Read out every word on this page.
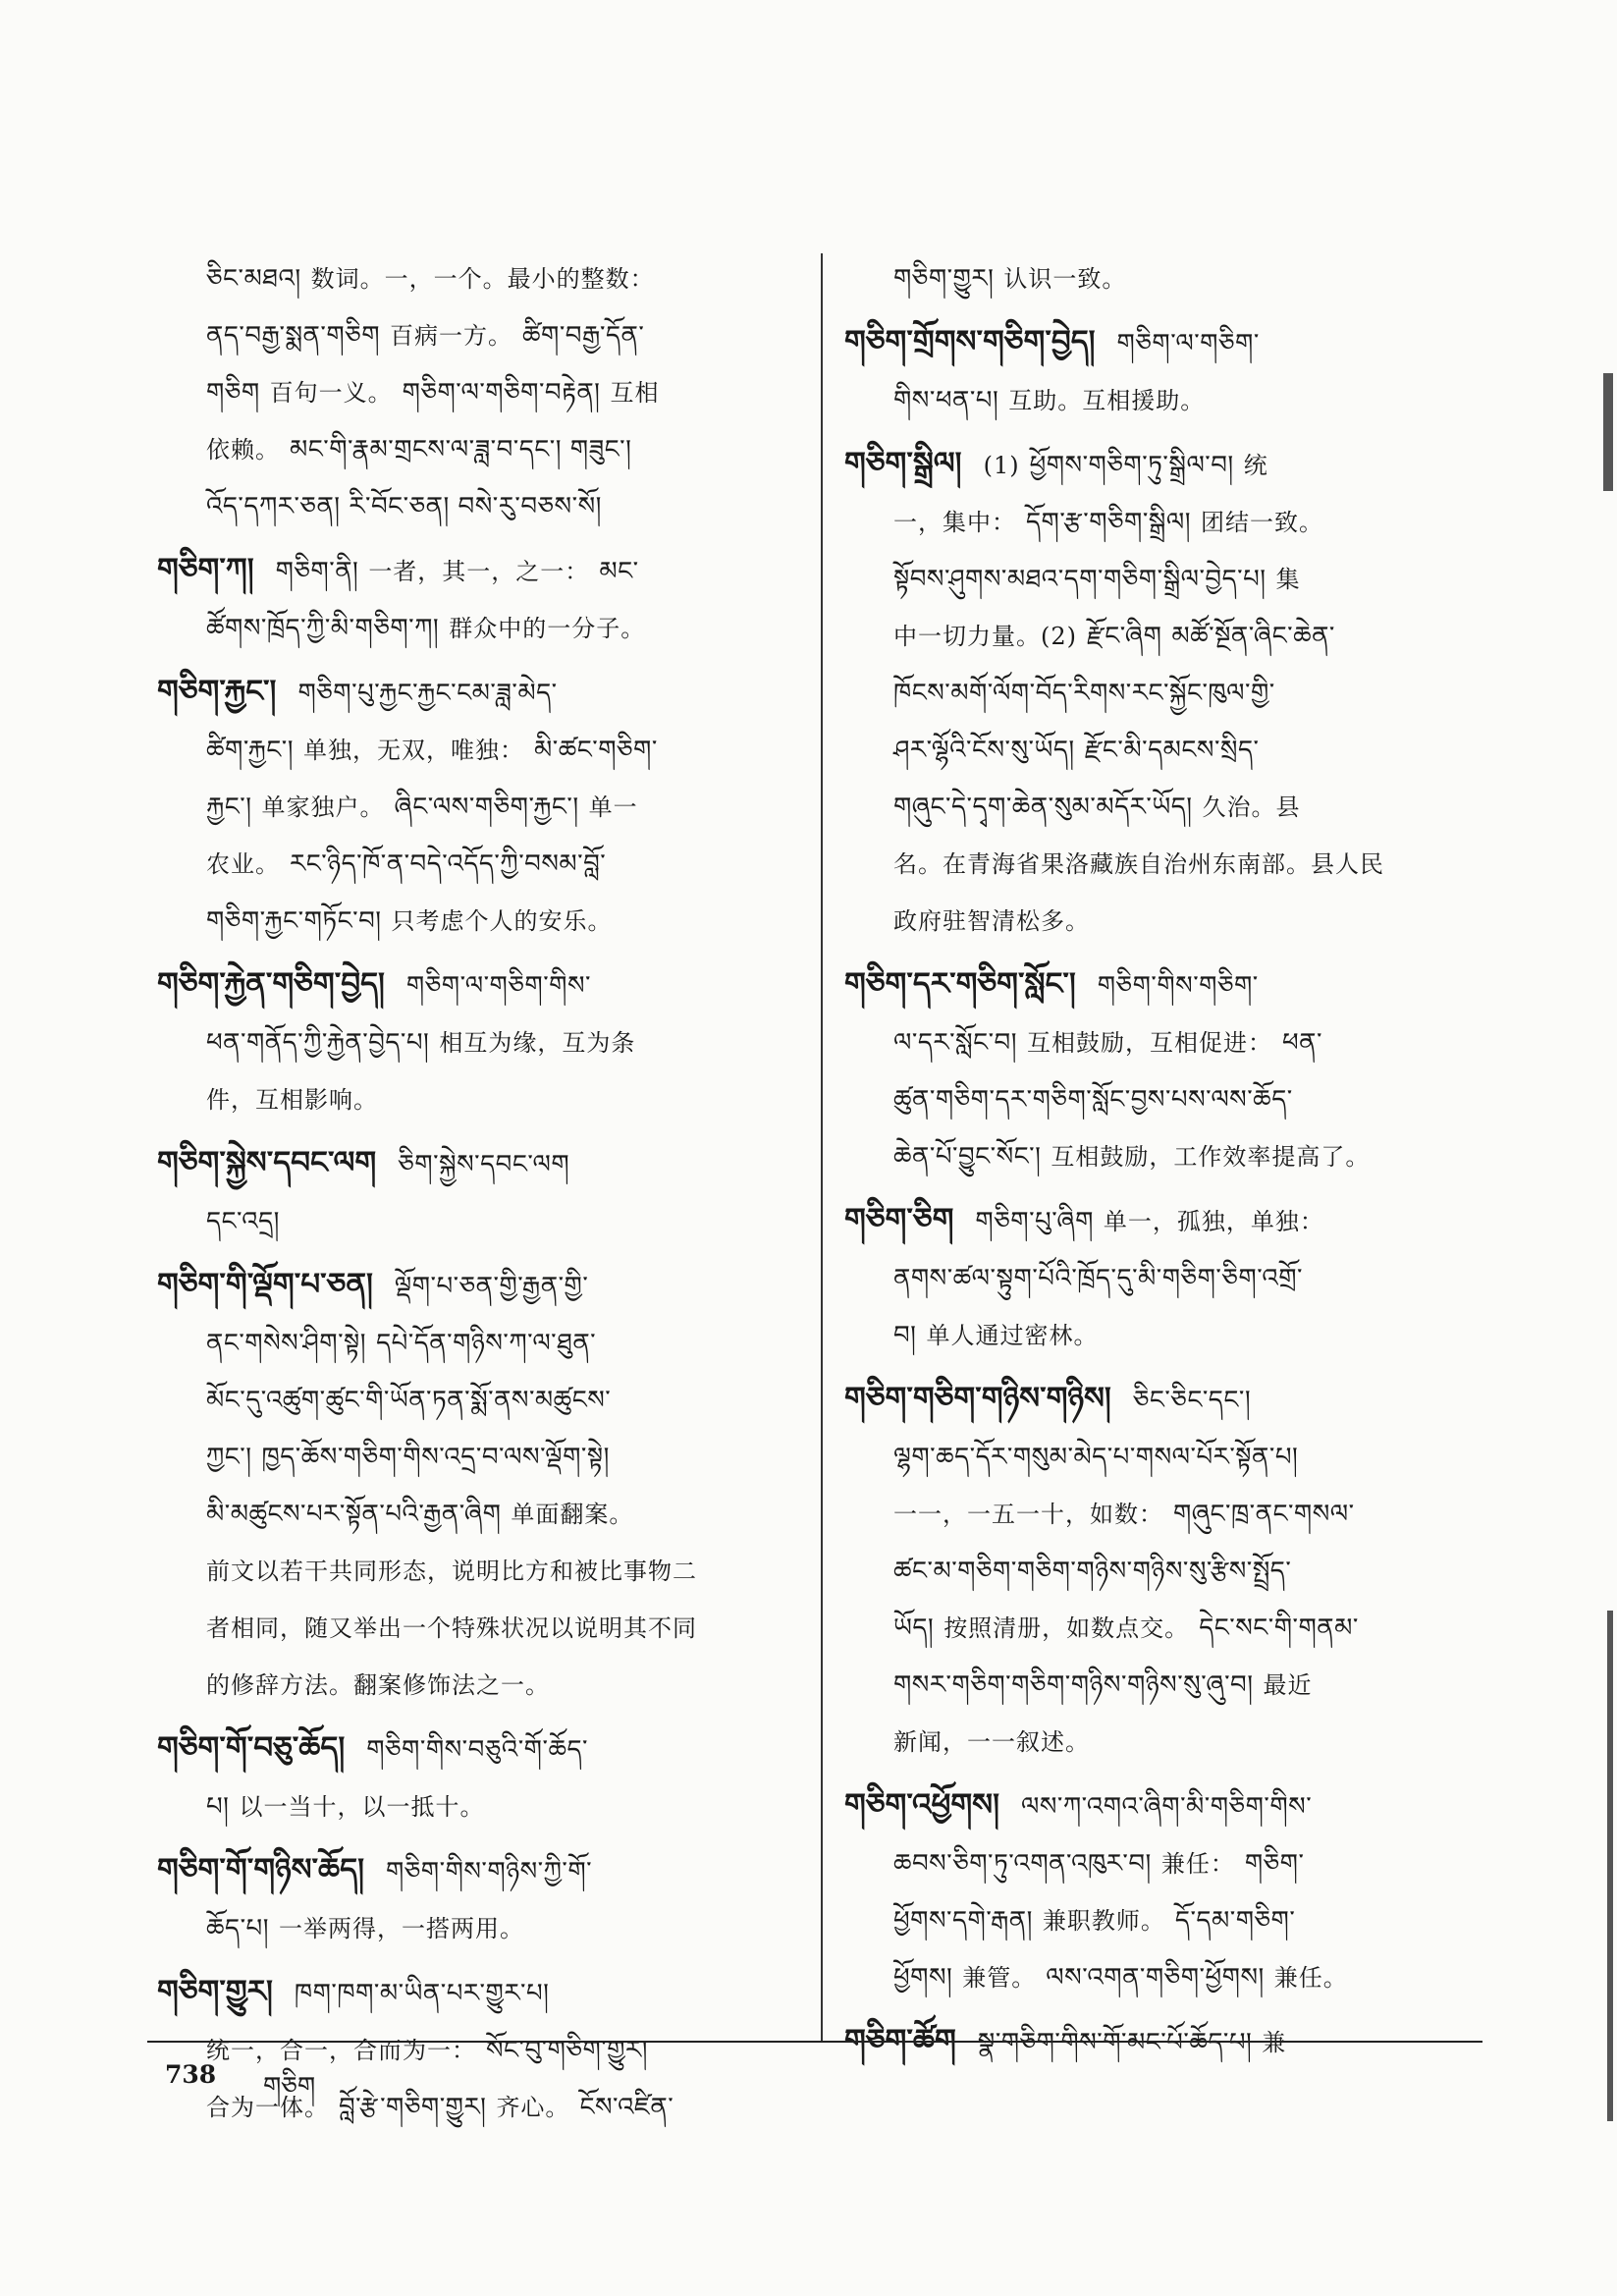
ཅིང་མཐའ། 数词。一，一个。最小的整数：
ནད་བརྒྱ་སྨན་གཅིག 百病一方。 ཚིག་བརྒྱ་དོན་
གཅིག 百句一义。 གཅིག་ལ་གཅིག་བརྟེན། 互相
依赖。 མང་གི་རྣམ་གྲངས་ལ་ཟླ་བ་དང་། གཟུང་།
འོད་དཀར་ཅན། རི་བོང་ཅན། བསེ་རུ་བཅས་སོ།
གཅིག་ཀ། གཅིག་ནི། 一者，其一，之一： མང་
ཚོགས་ཁྲོད་ཀྱི་མི་གཅིག་ཀ། 群众中的一分子。
གཅིག་རྐྱང་། གཅིག་པུ་རྐྱང་རྐྱང་ངམ་ཟླ་མེད་
ཚིག་རྐྱང་། 单独，无双，唯独： མི་ཚང་གཅིག་
རྐྱང་། 单家独户。 ཞིང་ལས་གཅིག་རྐྱང་། 单一
农业。 རང་ཉིད་ཁོ་ན་བདེ་འདོད་ཀྱི་བསམ་བློ་
གཅིག་རྐྱང་གཏོང་བ། 只考虑个人的安乐。
གཅིག་རྐྱེན་གཅིག་བྱེད། གཅིག་ལ་གཅིག་གིས་
ཕན་གནོད་ཀྱི་རྐྱེན་བྱེད་པ། 相互为缘，互为条
件，互相影响。
གཅིག་སྐྱེས་དབང་ལག ཅིག་སྐྱེས་དབང་ལག
དང་འདྲ།
གཅིག་གི་ལྡོག་པ་ཅན། ལྡོག་པ་ཅན་གྱི་རྒྱན་གྱི་
ནང་གསེས་ཤིག་སྟེ། དཔེ་དོན་གཉིས་ཀ་ལ་ཐུན་
མོང་དུ་འཚུག་ཚུང་གི་ཡོན་ཏན་སྨོ་ནས་མཚུངས་
ཀྱང་། ཁྱད་ཆོས་གཅིག་གིས་འདྲ་བ་ལས་ལྡོག་སྟེ།
མི་མཚུངས་པར་སྟོན་པའི་རྒྱན་ཞིག 单面翻案。
前文以若干共同形态，说明比方和被比事物二
者相同，随又举出一个特殊状况以说明其不同
的修辞方法。翻案修饰法之一。
གཅིག་གོ་བཅུ་ཆོད། གཅིག་གིས་བཅུའི་གོ་ཆོད་
པ། 以一当十，以一抵十。
གཅིག་གོ་གཉིས་ཆོད། གཅིག་གིས་གཉིས་ཀྱི་གོ་
ཆོད་པ། 一举两得，一搭两用。
གཅིག་གྱུར། ཁག་ཁག་མ་ཡིན་པར་གྱུར་པ།
统一，合一，合而为一： སོང་བུ་གཅིག་གྱུར།
合为一体。 བློ་རྩེ་གཅིག་གྱུར། 齐心。 ངོས་འཛིན་
གཅིག་གྱུར། 认识一致。
གཅིག་གྲོགས་གཅིག་བྱེད། གཅིག་ལ་གཅིག་
གིས་ཕན་པ། 互助。互相援助。
གཅིག་སྒྲིལ། (1) ཕྱོགས་གཅིག་ཏུ་སྒྲིལ་བ། 统
一，集中： དོག་རྩ་གཅིག་སྒྲིལ། 团结一致。
སྟོབས་ཤུགས་མཐའ་དག་གཅིག་སྒྲིལ་བྱེད་པ། 集
中一切力量。(2) རྫོང་ཞིག མཚོ་སྔོན་ཞིང་ཆེན་
ཁོངས་མགོ་ལོག་བོད་རིགས་རང་སྐྱོང་ཁུལ་གྱི་
ཤར་ལྷོའི་ངོས་སུ་ཡོད། རྫོང་མི་དམངས་སྲིད་
གཞུང་དེ་དྭག་ཆེན་སུམ་མདོར་ཡོད། 久治。县
名。在青海省果洛藏族自治州东南部。县人民
政府驻智清松多。
གཅིག་དར་གཅིག་སློང་། གཅིག་གིས་གཅིག་
ལ་དར་སློང་བ། 互相鼓励，互相促进： ཕན་
ཚུན་གཅིག་དར་གཅིག་སློང་བྱས་པས་ལས་ཆོད་
ཆེན་པོ་བྱུང་སོང་། 互相鼓励，工作效率提高了。
གཅིག་ཅིག གཅིག་པུ་ཞིག 单一，孤独，单独：
ནགས་ཚལ་སྟུག་པོའི་ཁྲོད་དུ་མི་གཅིག་ཅིག་འགྲོ་
བ། 单人通过密林。
གཅིག་གཅིག་གཉིས་གཉིས། ཅིང་ཅིང་དང་།
ལྷག་ཆད་དོར་གསུམ་མེད་པ་གསལ་པོར་སྟོན་པ།
一一，一五一十，如数： གཞུང་ཁྲ་ནང་གསལ་
ཚང་མ་གཅིག་གཅིག་གཉིས་གཉིས་སུ་རྩིས་སྤྲོད་
ཡོད། 按照清册，如数点交。 དེང་སང་གི་གནམ་
གསར་གཅིག་གཅིག་གཉིས་གཉིས་སུ་ཞུ་བ། 最近
新闻，一一叙述。
གཅིག་འཕྱོགས། ལས་ཀ་འགའ་ཞིག་མི་གཅིག་གིས་
ཆབས་ཅིག་ཏུ་འགན་འཁུར་བ། 兼任： གཅིག་
ཕྱོགས་དགེ་རྒན། 兼职教师。 དོ་དམ་གཅིག་
ཕྱོགས། 兼管。 ལས་འགན་གཅིག་ཕྱོགས། 兼任。
གཅིག་ཚོག སྣ་གཅིག་གིས་གོ་མང་པོ་ཆོད་པ། 兼
738 གཅིག
